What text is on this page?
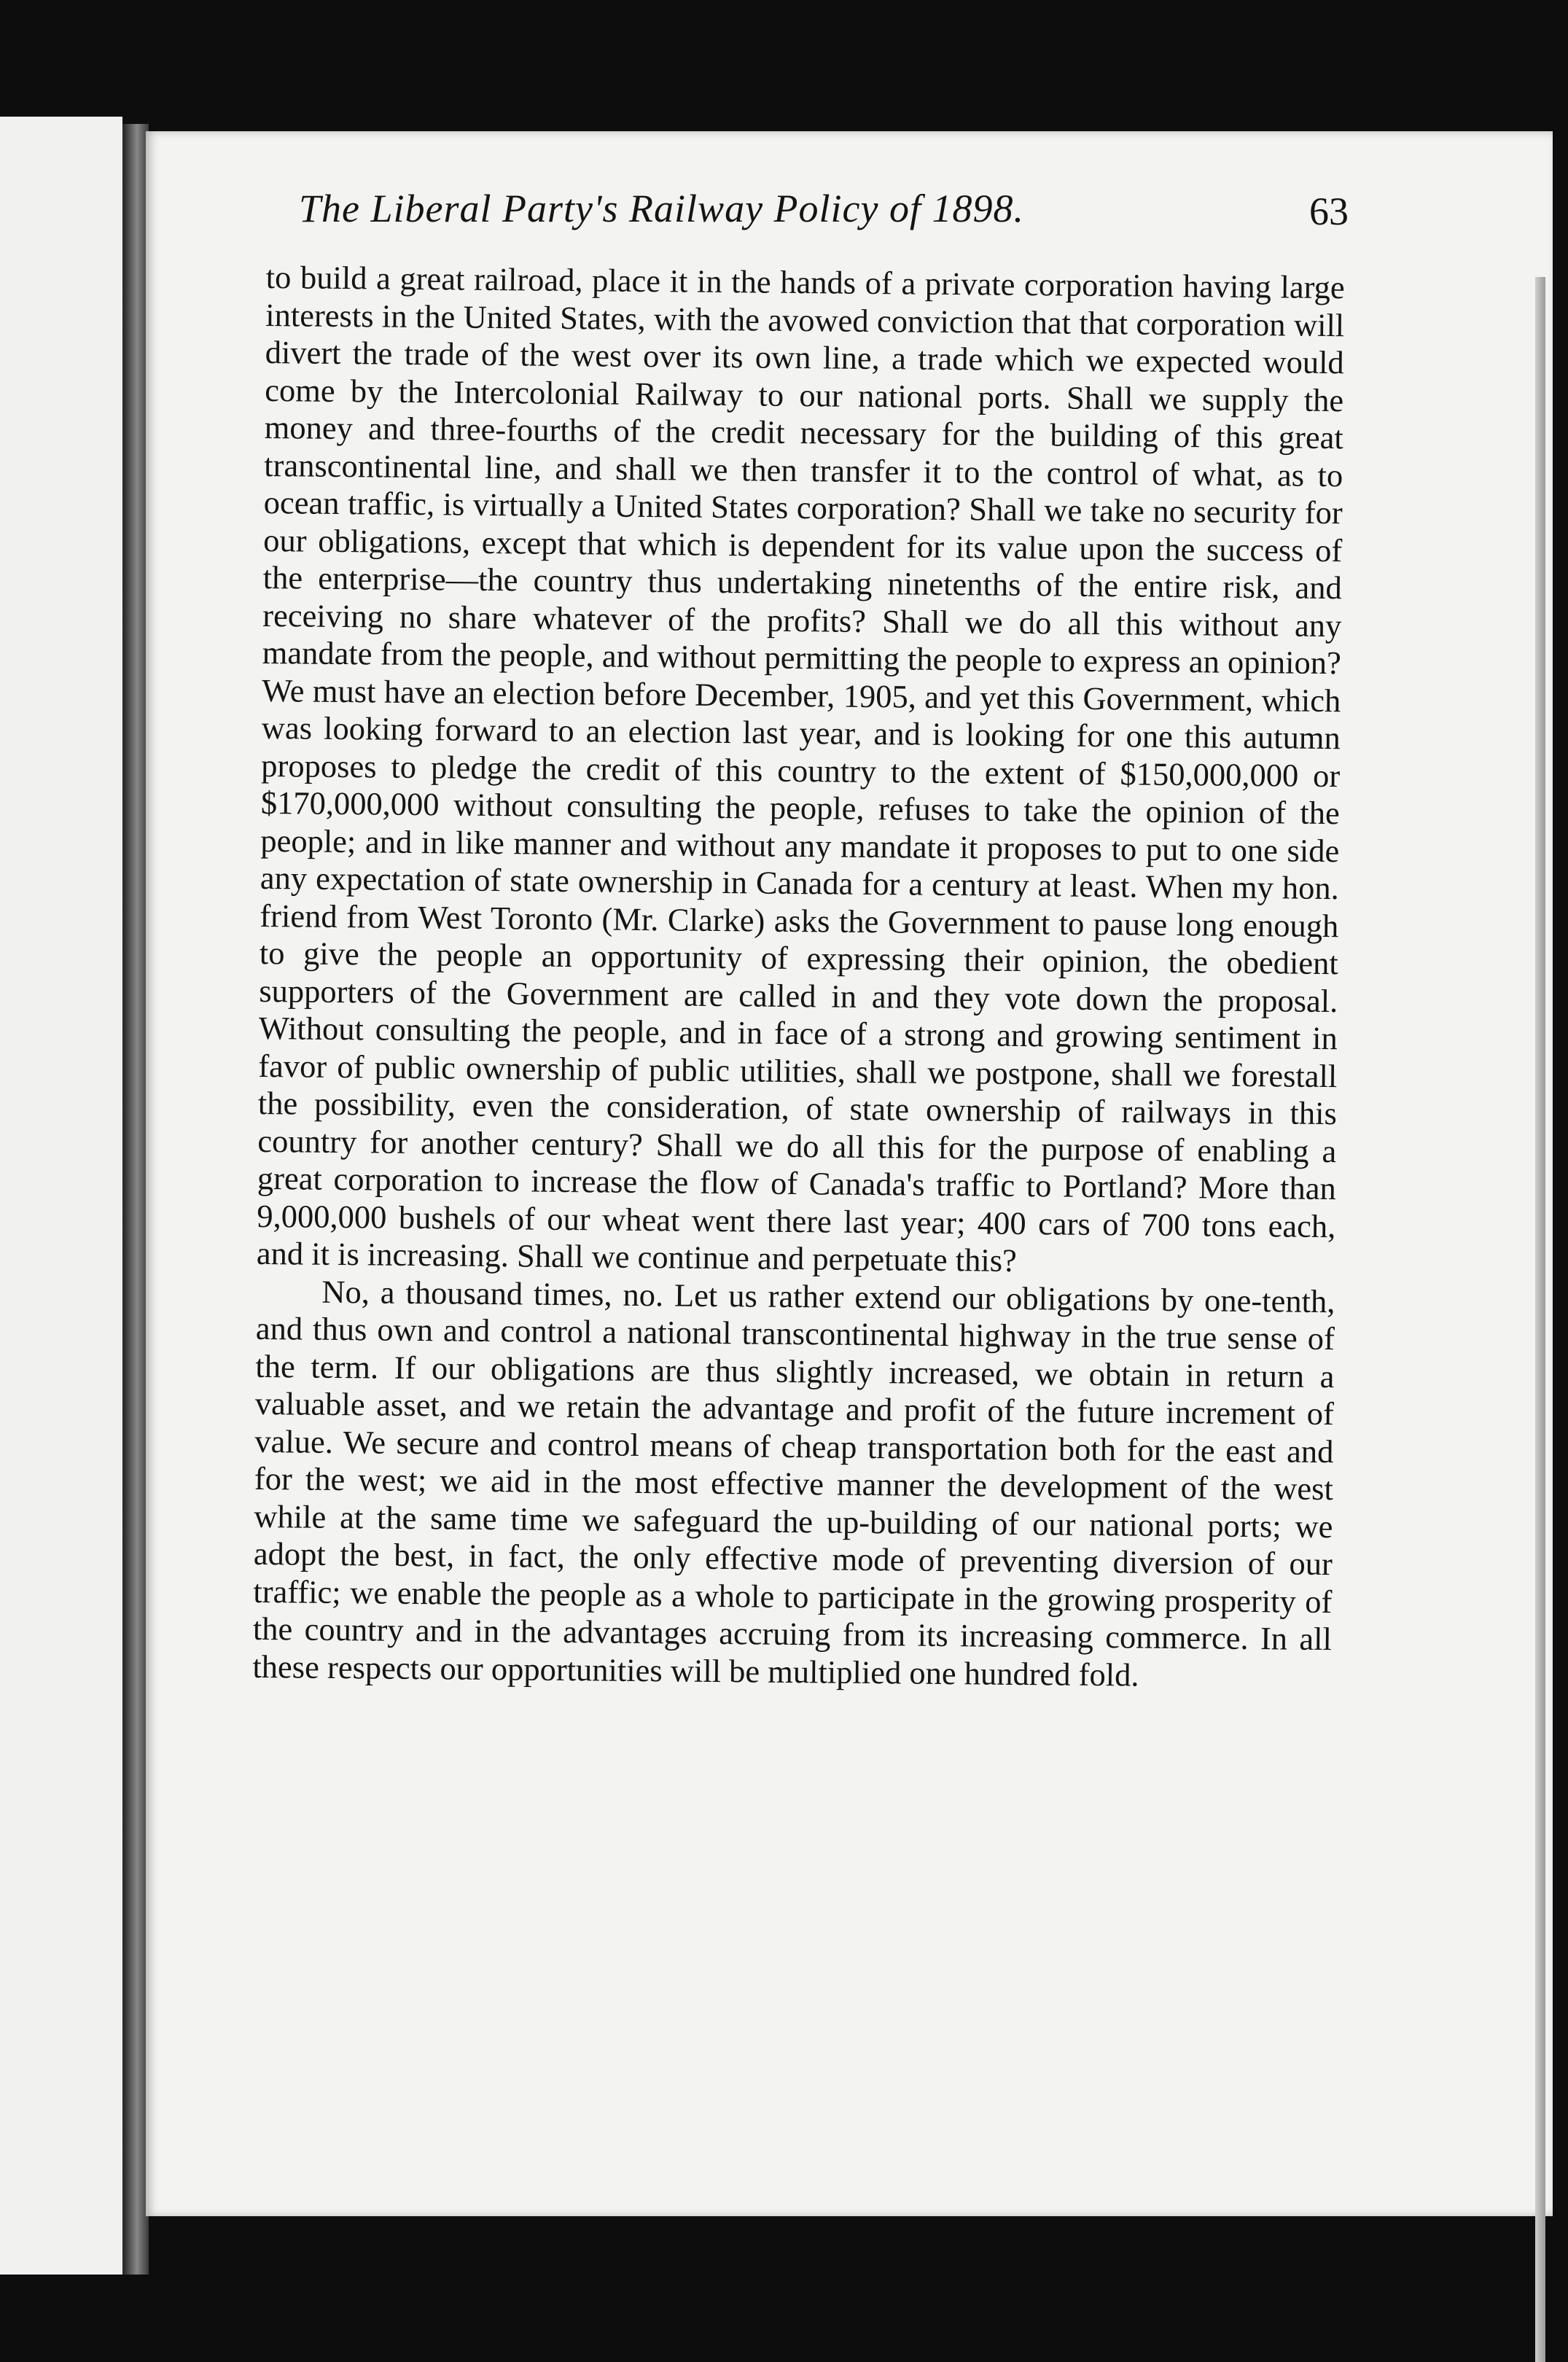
The Liberal Party's Railway Policy of 1898.	63

to build a great railroad, place it in the hands of a private corporation having large interests in the United States, with the avowed conviction that that corporation will divert the trade of the west over its own line, a trade which we expected would come by the Intercolonial Railway to our national ports. Shall we supply the money and three-fourths of the credit necessary for the building of this great transcontinental line, and shall we then transfer it to the control of what, as to ocean traffic, is virtually a United States corporation? Shall we take no security for our obligations, except that which is dependent for its value upon the success of the enterprise—the country thus undertaking ninetenths of the entire risk, and receiving no share whatever of the profits? Shall we do all this without any mandate from the people, and without permitting the people to express an opinion? We must have an election before December, 1905, and yet this Government, which was looking forward to an election last year, and is looking for one this autumn proposes to pledge the credit of this country to the extent of $150,000,000 or $170,000,000 without consulting the people, refuses to take the opinion of the people; and in like manner and without any mandate it proposes to put to one side any expectation of state ownership in Canada for a century at least. When my hon. friend from West Toronto (Mr. Clarke) asks the Government to pause long enough to give the people an opportunity of expressing their opinion, the obedient supporters of the Government are called in and they vote down the proposal. Without consulting the people, and in face of a strong and growing sentiment in favor of public ownership of public utilities, shall we postpone, shall we forestall the possibility, even the consideration, of state ownership of railways in this country for another century? Shall we do all this for the purpose of enabling a great corporation to increase the flow of Canada's traffic to Portland? More than 9,000,000 bushels of our wheat went there last year; 400 cars of 700 tons each, and it is increasing. Shall we continue and perpetuate this?

No, a thousand times, no. Let us rather extend our obligations by one-tenth, and thus own and control a national transcontinental highway in the true sense of the term. If our obligations are thus slightly increased, we obtain in return a valuable asset, and we retain the advantage and profit of the future increment of value. We secure and control means of cheap transportation both for the east and for the west; we aid in the most effective manner the development of the west while at the same time we safeguard the up-building of our national ports; we adopt the best, in fact, the only effective mode of preventing diversion of our traffic; we enable the people as a whole to participate in the growing prosperity of the country and in the advantages accruing from its increasing commerce. In all these respects our opportunities will be multiplied one hundred fold.
